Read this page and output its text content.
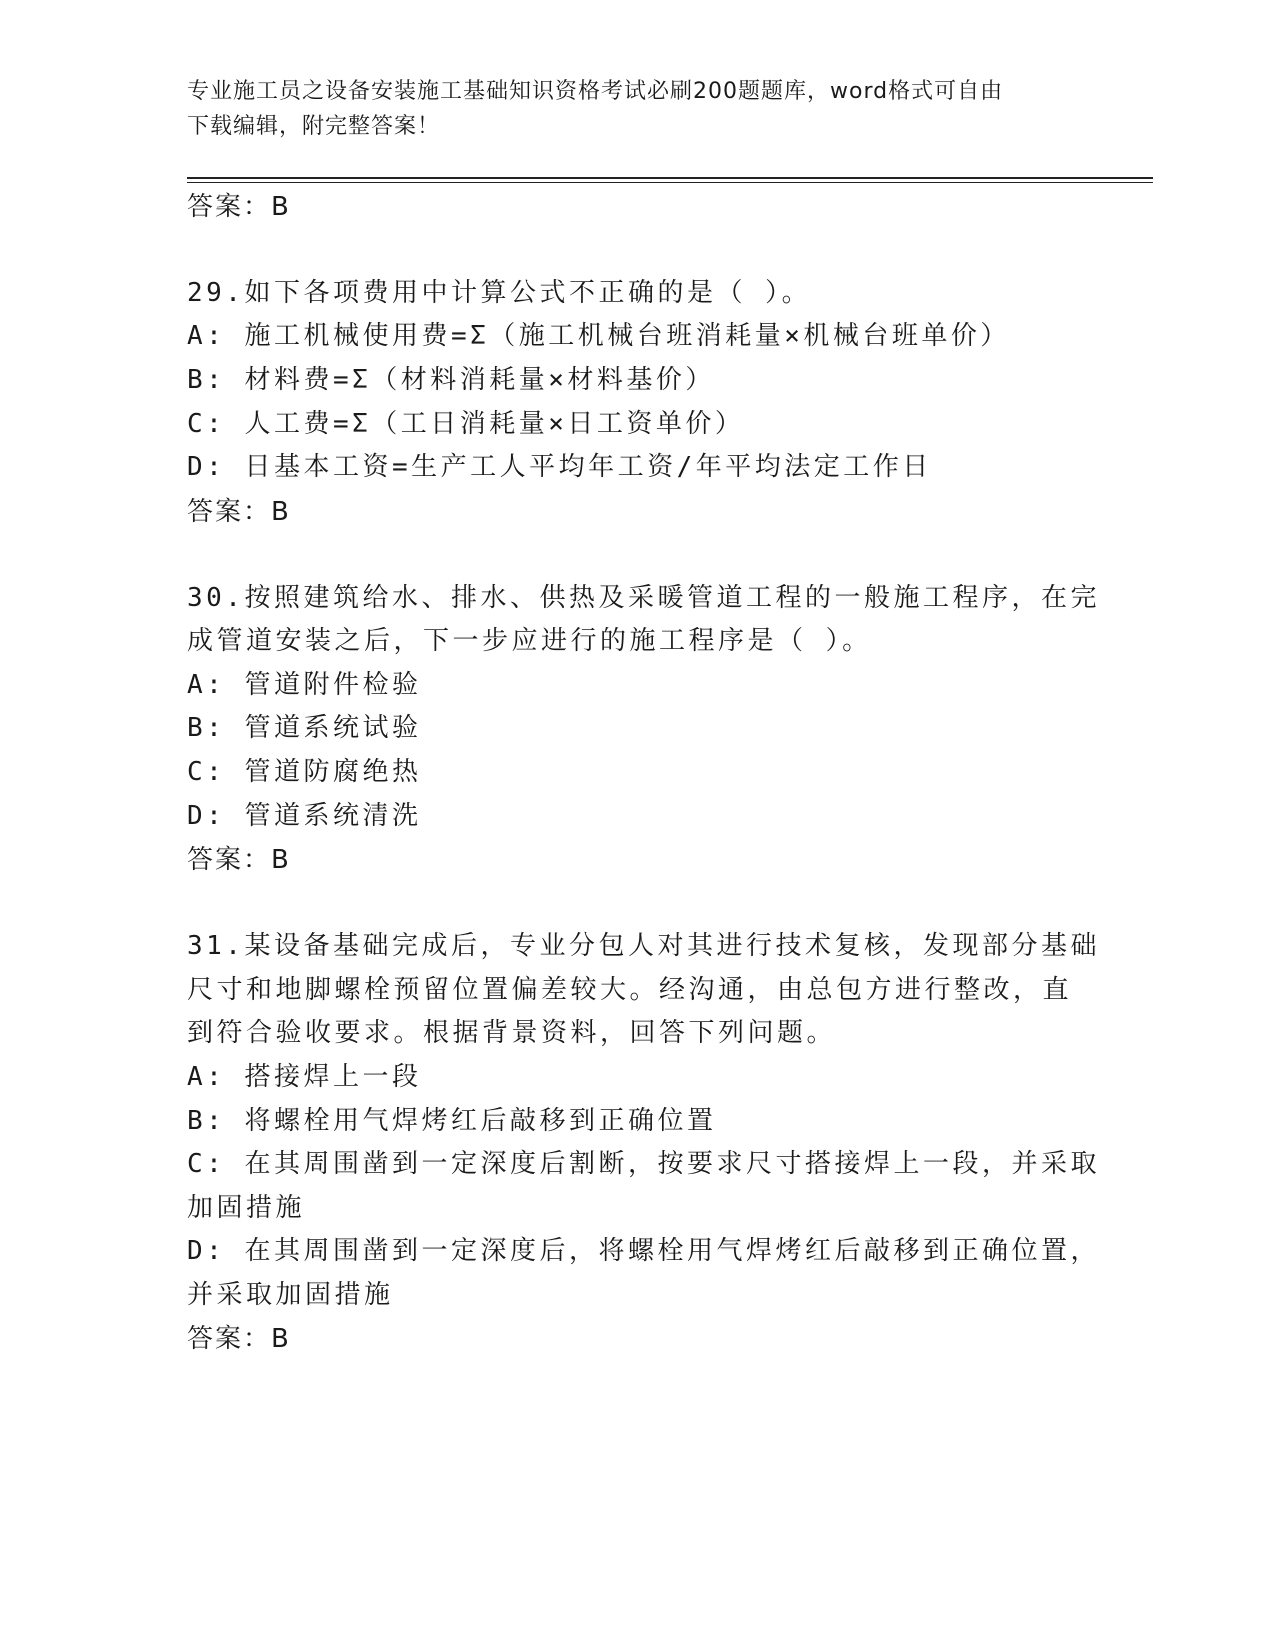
专业施工员之设备安装施工基础知识资格考试必刷200题题库，word格式可自由
下载编辑，附完整答案！
答案：B
29.如下各项费用中计算公式不正确的是（ ）。
A: 施工机械使用费=Σ（施工机械台班消耗量×机械台班单价）
B: 材料费=Σ（材料消耗量×材料基价）
C: 人工费=Σ（工日消耗量×日工资单价）
D: 日基本工资=生产工人平均年工资/年平均法定工作日
答案：B
30.按照建筑给水、排水、供热及采暖管道工程的一般施工程序，在完
成管道安装之后，下一步应进行的施工程序是（ ）。
A: 管道附件检验
B: 管道系统试验
C: 管道防腐绝热
D: 管道系统清洗
答案：B
31.某设备基础完成后，专业分包人对其进行技术复核，发现部分基础
尺寸和地脚螺栓预留位置偏差较大。经沟通，由总包方进行整改，直
到符合验收要求。根据背景资料，回答下列问题。
A: 搭接焊上一段
B: 将螺栓用气焊烤红后敲移到正确位置
C: 在其周围凿到一定深度后割断，按要求尺寸搭接焊上一段，并采取
加固措施
D: 在其周围凿到一定深度后，将螺栓用气焊烤红后敲移到正确位置，
并采取加固措施
答案：B
